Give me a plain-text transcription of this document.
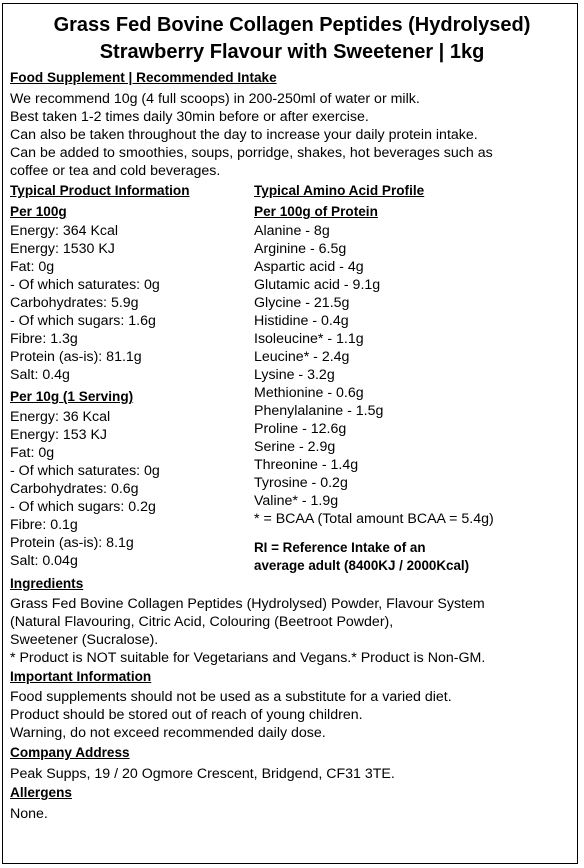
Grass Fed Bovine Collagen Peptides (Hydrolysed)
Strawberry Flavour with Sweetener | 1kg
Food Supplement | Recommended Intake
We recommend 10g (4 full scoops) in 200-250ml of water or milk.
Best taken 1-2 times daily 30min before or after exercise.
Can also be taken throughout the day to increase your daily protein intake.
Can be added to smoothies, soups, porridge, shakes, hot beverages such as
coffee or tea and cold beverages.
Typical Product Information
Per 100g
Energy: 364 Kcal
Energy: 1530 KJ
Fat: 0g
- Of which saturates: 0g
Carbohydrates: 5.9g
- Of which sugars: 1.6g
Fibre: 1.3g
Protein (as-is): 81.1g
Salt: 0.4g
Per 10g (1 Serving)
Energy: 36 Kcal
Energy: 153 KJ
Fat: 0g
- Of which saturates: 0g
Carbohydrates: 0.6g
- Of which sugars: 0.2g
Fibre: 0.1g
Protein (as-is): 8.1g
Salt: 0.04g
Typical Amino Acid Profile
Per 100g of Protein
Alanine - 8g
Arginine - 6.5g
Aspartic acid - 4g
Glutamic acid - 9.1g
Glycine - 21.5g
Histidine - 0.4g
Isoleucine* - 1.1g
Leucine* - 2.4g
Lysine - 3.2g
Methionine - 0.6g
Phenylalanine - 1.5g
Proline - 12.6g
Serine - 2.9g
Threonine - 1.4g
Tyrosine - 0.2g
Valine* - 1.9g
* = BCAA (Total amount BCAA = 5.4g)
RI = Reference Intake of an
average adult (8400KJ / 2000Kcal)
Ingredients
Grass Fed Bovine Collagen Peptides (Hydrolysed) Powder, Flavour System
(Natural Flavouring, Citric Acid, Colouring (Beetroot Powder),
Sweetener (Sucralose).
* Product is NOT suitable for Vegetarians and Vegans.* Product is Non-GM.
Important Information
Food supplements should not be used as a substitute for a varied diet.
Product should be stored out of reach of young children.
Warning, do not exceed recommended daily dose.
Company Address
Peak Supps, 19 / 20 Ogmore Crescent, Bridgend, CF31 3TE.
Allergens
None.
